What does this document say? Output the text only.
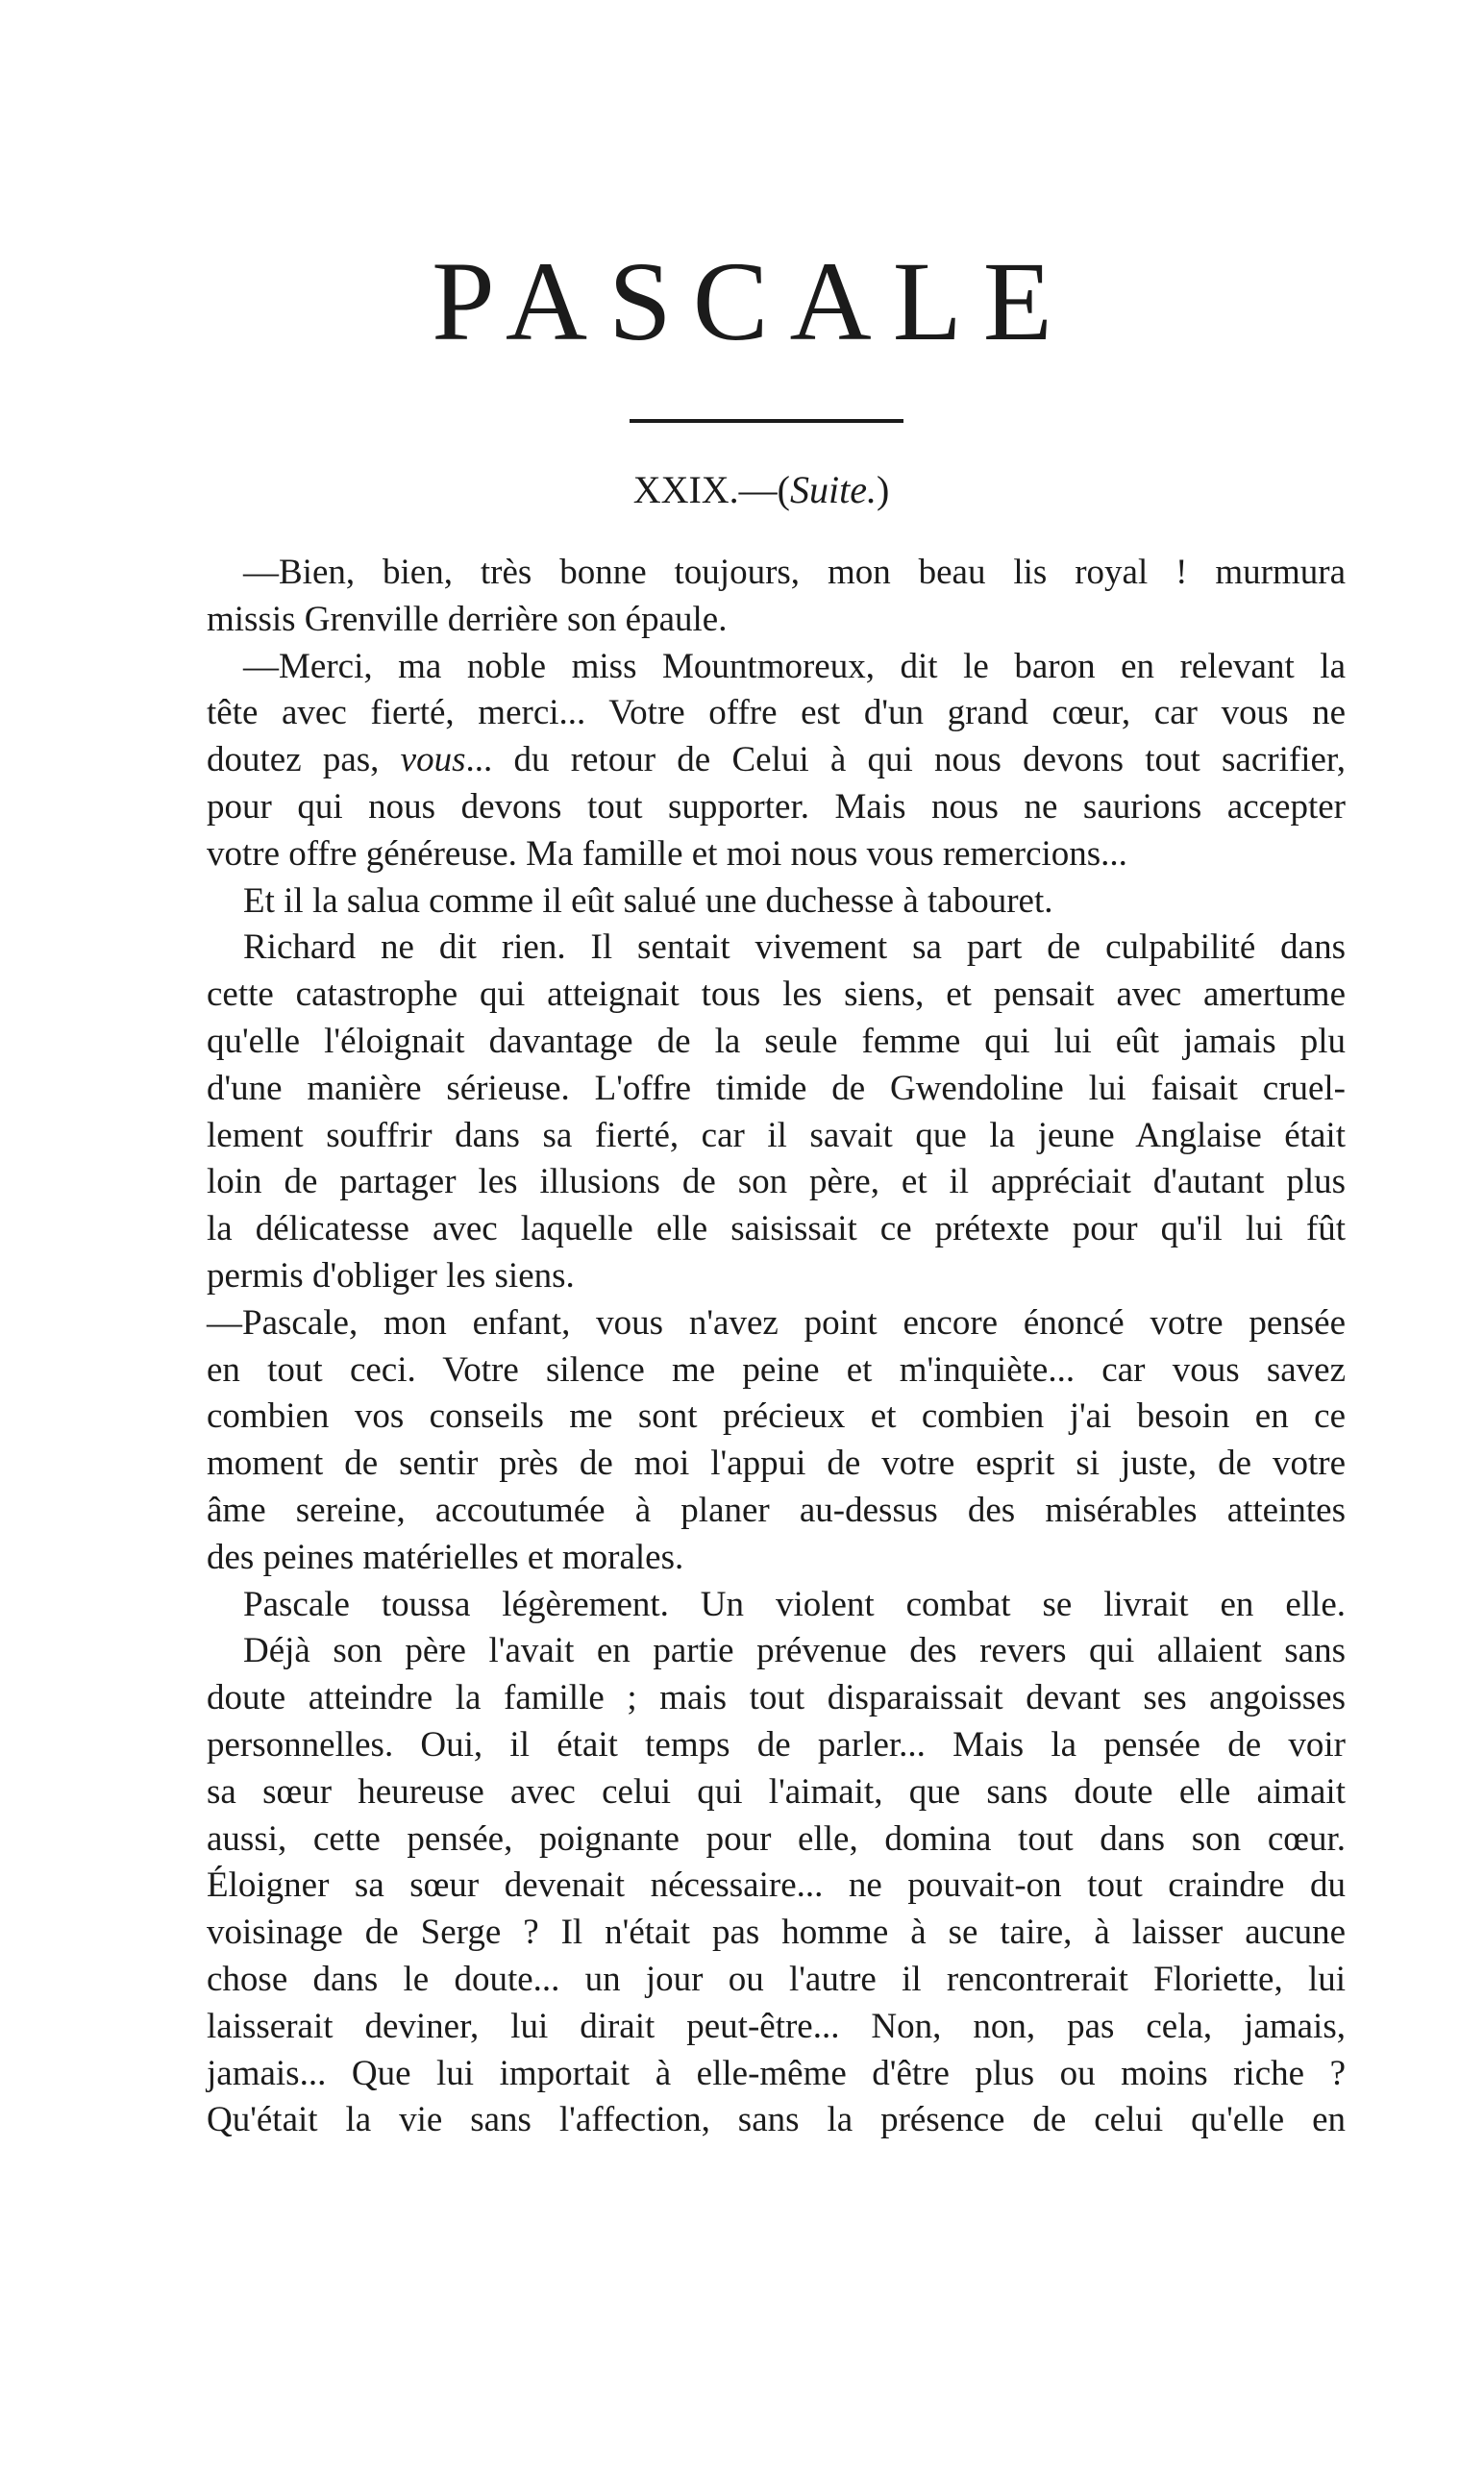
PASCALE
XXIX.—(Suite.)
—Bien, bien, très bonne toujours, mon beau lis royal ! murmura
missis Grenville derrière son épaule.
—Merci, ma noble miss Mountmoreux, dit le baron en relevant la
tête avec fierté, merci... Votre offre est d'un grand cœur, car vous ne
doutez pas, vous... du retour de Celui à qui nous devons tout sacrifier,
pour qui nous devons tout supporter. Mais nous ne saurions accepter
votre offre généreuse. Ma famille et moi nous vous remercions...
Et il la salua comme il eût salué une duchesse à tabouret.
Richard ne dit rien. Il sentait vivement sa part de culpabilité dans
cette catastrophe qui atteignait tous les siens, et pensait avec amertume
qu'elle l'éloignait davantage de la seule femme qui lui eût jamais plu
d'une manière sérieuse. L'offre timide de Gwendoline lui faisait cruel-
lement souffrir dans sa fierté, car il savait que la jeune Anglaise était
loin de partager les illusions de son père, et il appréciait d'autant plus
la délicatesse avec laquelle elle saisissait ce prétexte pour qu'il lui fût
permis d'obliger les siens.
—Pascale, mon enfant, vous n'avez point encore énoncé votre pensée
en tout ceci. Votre silence me peine et m'inquiète... car vous savez
combien vos conseils me sont précieux et combien j'ai besoin en ce
moment de sentir près de moi l'appui de votre esprit si juste, de votre
âme sereine, accoutumée à planer au-dessus des misérables atteintes
des peines matérielles et morales.
Pascale toussa légèrement. Un violent combat se livrait en elle.
Déjà son père l'avait en partie prévenue des revers qui allaient sans
doute atteindre la famille ; mais tout disparaissait devant ses angoisses
personnelles. Oui, il était temps de parler... Mais la pensée de voir
sa sœur heureuse avec celui qui l'aimait, que sans doute elle aimait
aussi, cette pensée, poignante pour elle, domina tout dans son cœur.
Éloigner sa sœur devenait nécessaire... ne pouvait-on tout craindre du
voisinage de Serge ? Il n'était pas homme à se taire, à laisser aucune
chose dans le doute... un jour ou l'autre il rencontrerait Floriette, lui
laisserait deviner, lui dirait peut-être... Non, non, pas cela, jamais,
jamais... Que lui importait à elle-même d'être plus ou moins riche ?
Qu'était la vie sans l'affection, sans la présence de celui qu'elle en
